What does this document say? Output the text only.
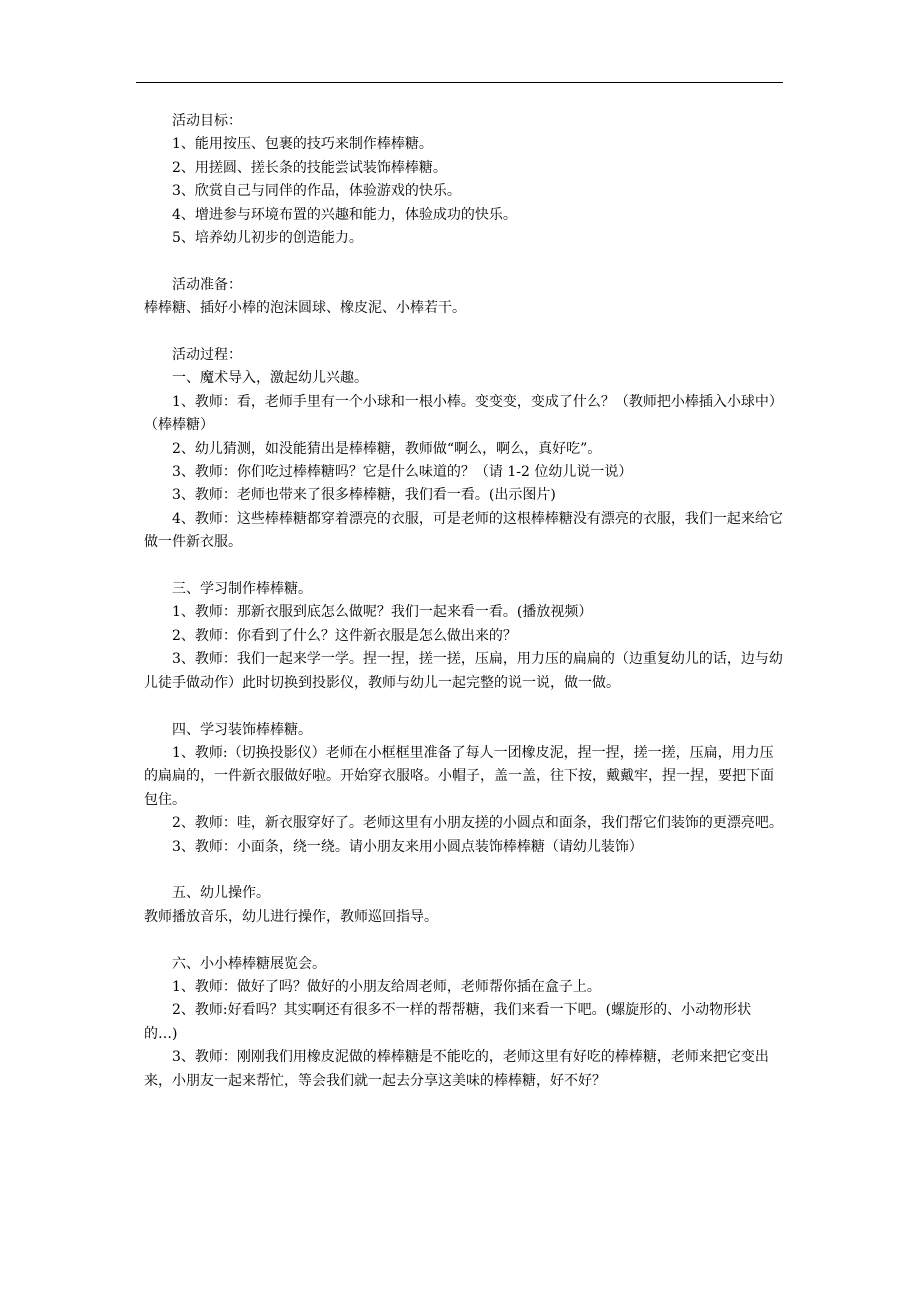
活动目标：

1、能用按压、包裹的技巧来制作棒棒糖。

2、用搓圆、搓长条的技能尝试装饰棒棒糖。

3、欣赏自己与同伴的作品，体验游戏的快乐。

4、增进参与环境布置的兴趣和能力，体验成功的快乐。

5、培养幼儿初步的创造能力。

活动准备：

棒棒糖、插好小棒的泡沫圆球、橡皮泥、小棒若干。

活动过程：

一、魔术导入，激起幼儿兴趣。

1、教师：看，老师手里有一个小球和一根小棒。变变变，变成了什么？（教师把小棒插入小球中）（棒棒糖）

2、幼儿猜测，如没能猜出是棒棒糖，教师做“啊么，啊么，真好吃”。

3、教师：你们吃过棒棒糖吗？它是什么味道的？（请 1-2 位幼儿说一说）

3、教师：老师也带来了很多棒棒糖，我们看一看。(出示图片)

4、教师：这些棒棒糖都穿着漂亮的衣服，可是老师的这根棒棒糖没有漂亮的衣服，我们一起来给它做一件新衣服。

三、学习制作棒棒糖。

1、教师：那新衣服到底怎么做呢？我们一起来看一看。(播放视频）

2、教师：你看到了什么？这件新衣服是怎么做出来的？

3、教师：我们一起来学一学。捏一捏，搓一搓，压扁，用力压的扁扁的（边重复幼儿的话，边与幼儿徒手做动作）此时切换到投影仪，教师与幼儿一起完整的说一说，做一做。

四、学习装饰棒棒糖。

1、教师:（切换投影仪）老师在小框框里准备了每人一团橡皮泥，捏一捏，搓一搓，压扁，用力压的扁扁的，一件新衣服做好啦。开始穿衣服咯。小帽子，盖一盖，往下按，戴戴牢，捏一捏，要把下面包住。

2、教师：哇，新衣服穿好了。老师这里有小朋友搓的小圆点和面条，我们帮它们装饰的更漂亮吧。

3、教师：小面条，绕一绕。请小朋友来用小圆点装饰棒棒糖（请幼儿装饰）

五、幼儿操作。

教师播放音乐，幼儿进行操作，教师巡回指导。

六、小小棒棒糖展览会。

1、教师：做好了吗？做好的小朋友给周老师，老师帮你插在盒子上。

2、教师:好看吗？其实啊还有很多不一样的帮帮糖，我们来看一下吧。(螺旋形的、小动物形状的…)

3、教师：刚刚我们用橡皮泥做的棒棒糖是不能吃的，老师这里有好吃的棒棒糖，老师来把它变出来，小朋友一起来帮忙，等会我们就一起去分享这美味的棒棒糖，好不好？
